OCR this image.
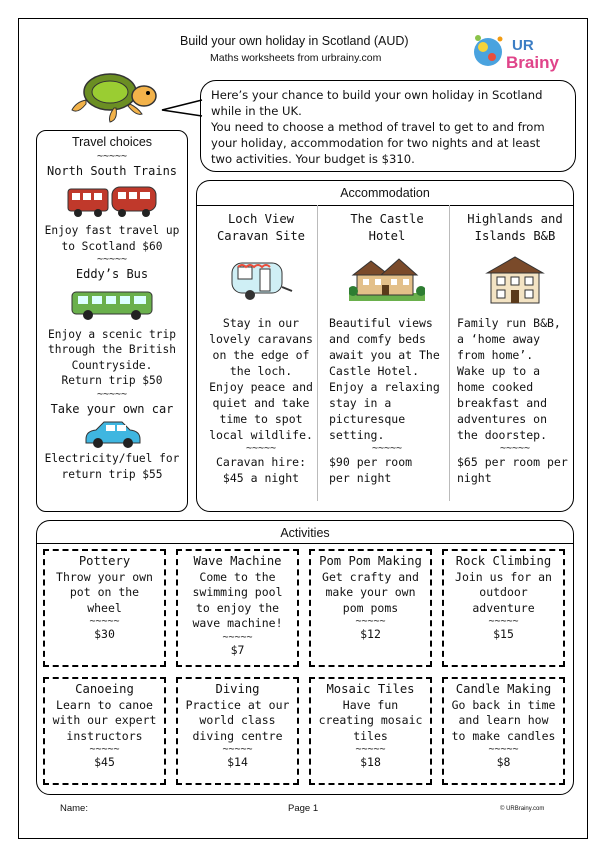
Build your own holiday in Scotland (AUD)
Maths worksheets from urbrainy.com
UR
Brainy
Here’s your chance to build your own holiday in Scotland
while in the UK.
You need to choose a method of travel to get to and from
your holiday, accommodation for two nights and at least
two activities. Your budget is $310.
Travel choices
~~~~~
North South Trains
Enjoy fast travel up
to Scotland $60
~~~~~
Eddy’s Bus
Enjoy a scenic trip
through the British
Countryside.
Return trip $50
~~~~~
Take your own car
Electricity/fuel for
return trip $55
Accommodation
Loch View
Caravan Site
Stay in our
lovely caravans
on the edge of
the loch.
Enjoy peace and
quiet and take
time to spot
local wildlife.
~~~~~
Caravan hire:
$45 a night
The Castle
Hotel
Beautiful views
and comfy beds
await you at The
Castle Hotel.
Enjoy a relaxing
stay in a
picturesque
setting.
~~~~~
$90 per room
per night
Highlands and
Islands B&B
Family run B&B,
a ‘home away
from home’.
Wake up to a
home cooked
breakfast and
adventures on
the doorstep.
~~~~~
$65 per room per
night
Activities
Pottery
Throw your own
pot on the
wheel
~~~~~
$30
Wave Machine
Come to the
swimming pool
to enjoy the
wave machine!
~~~~~
$7
Pom Pom Making
Get crafty and
make your own
pom poms
~~~~~
$12
Rock Climbing
Join us for an
outdoor
adventure
~~~~~
$15
Canoeing
Learn to canoe
with our expert
instructors
~~~~~
$45
Diving
Practice at our
world class
diving centre
~~~~~
$14
Mosaic Tiles
Have fun
creating mosaic
tiles
~~~~~
$18
Candle Making
Go back in time
and learn how
to make candles
~~~~~
$8
Name:	Page 1	© URBrainy.com
